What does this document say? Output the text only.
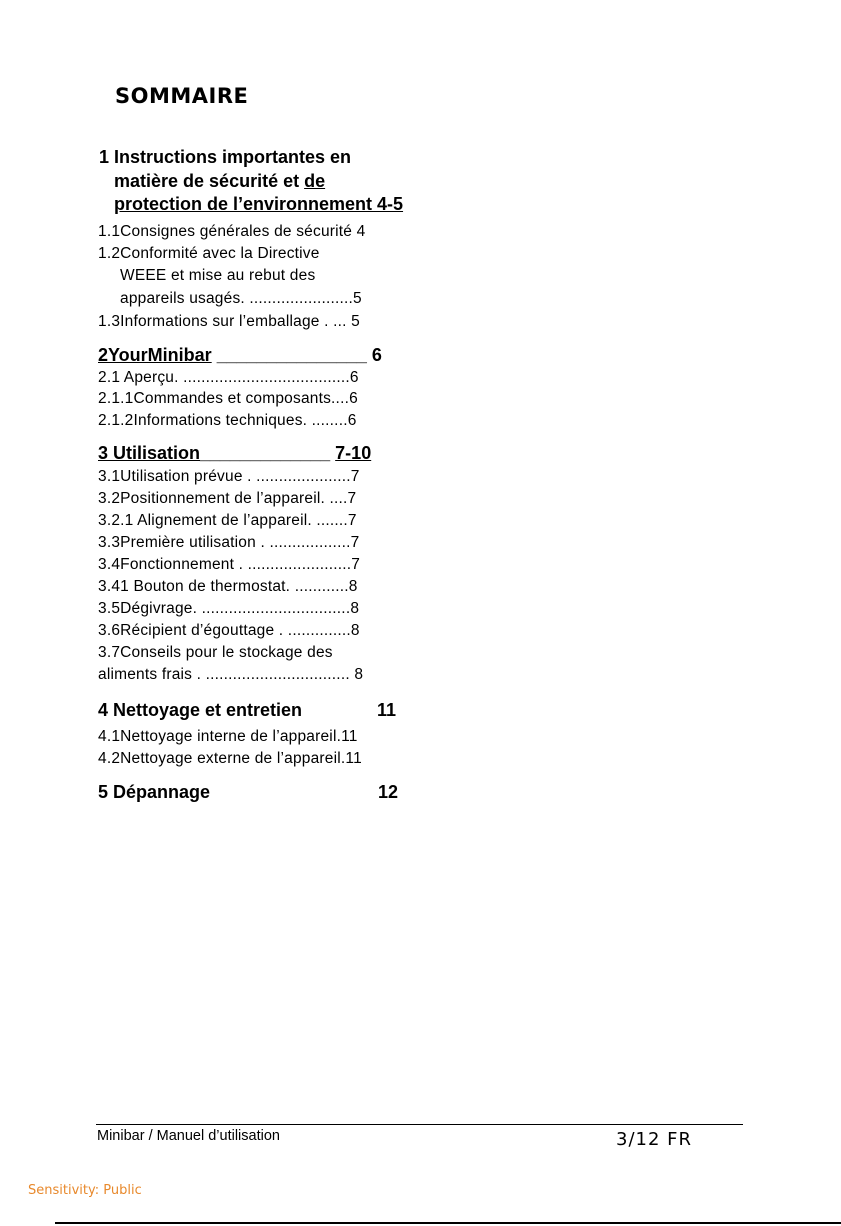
SOMMAIRE
1 Instructions importantes en
matière de sécurité et de
protection de l’environnement 4-5
1.1Consignes générales de sécurité 4
1.2Conformité avec la Directive
WEEE et mise au rebut des
appareils usagés. .......................5
1.3Informations sur l’emballage . ... 5
2YourMinibar _______________ 6
2.1 Aperçu. .....................................6
2.1.1Commandes et composants....6
2.1.2Informations techniques. ........6
3 Utilisation_____________ 7-10
3.1Utilisation prévue . .....................7
3.2Positionnement de l’appareil. ....7
3.2.1 Alignement de l’appareil. .......7
3.3Première utilisation . ..................7
3.4Fonctionnement . .......................7
3.41 Bouton de thermostat. ............8
3.5Dégivrage. .................................8
3.6Récipient d’égouttage . ..............8
3.7Conseils pour le stockage des
aliments frais . ................................ 8
4 Nettoyage et entretien	11
4.1Nettoyage interne de l’appareil.11
4.2Nettoyage externe de l’appareil.11
5 Dépannage	12
Minibar / Manuel d’utilisation	3/12 FR
Sensitivity: Public
